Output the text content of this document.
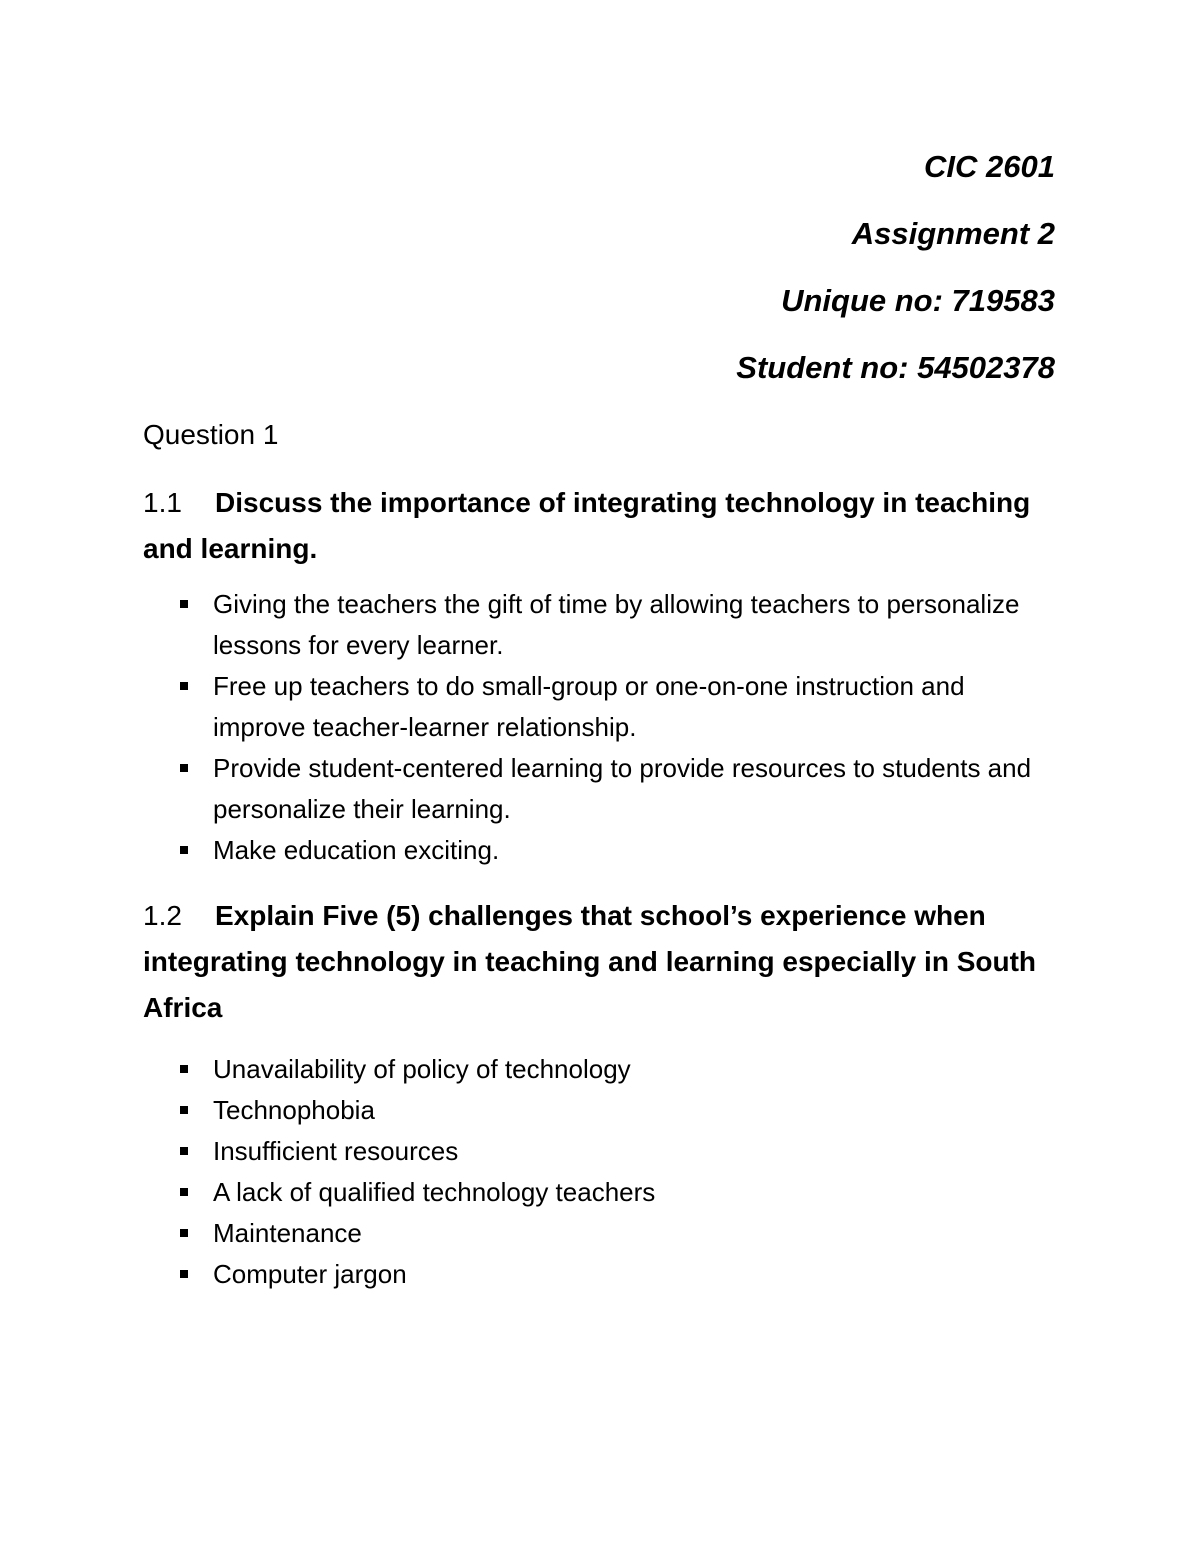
CIC 2601
Assignment 2
Unique no: 719583
Student no: 54502378
Question 1
1.1 Discuss the importance of integrating technology in teaching and learning.
Giving the teachers the gift of time by allowing teachers to personalize lessons for every learner.
Free up teachers to do small-group or one-on-one instruction and improve teacher-learner relationship.
Provide student-centered learning to provide resources to students and personalize their learning.
Make education exciting.
1.2 Explain Five (5) challenges that school’s experience when integrating technology in teaching and learning especially in South Africa
Unavailability of policy of technology
Technophobia
Insufficient resources
A lack of qualified technology teachers
Maintenance
Computer jargon
